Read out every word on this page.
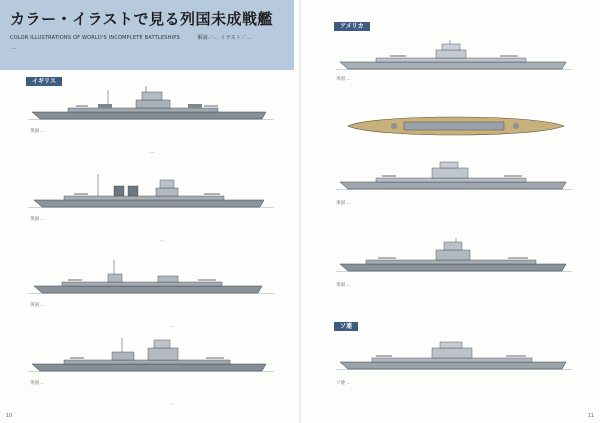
カラー・イラストで見る列国未成戦艦
COLOR ILLUSTRATIONS OF WORLD'S INCOMPLETE BATTLESHIPS	解説／... イラスト／...
...
イギリス
英国 ...
...
英国 ...
...
英国 ...
...
英国 ...
...
10
アメリカ
米国 ...
米国 ...
米国 ...
ソ連
ソ連 ...
11
